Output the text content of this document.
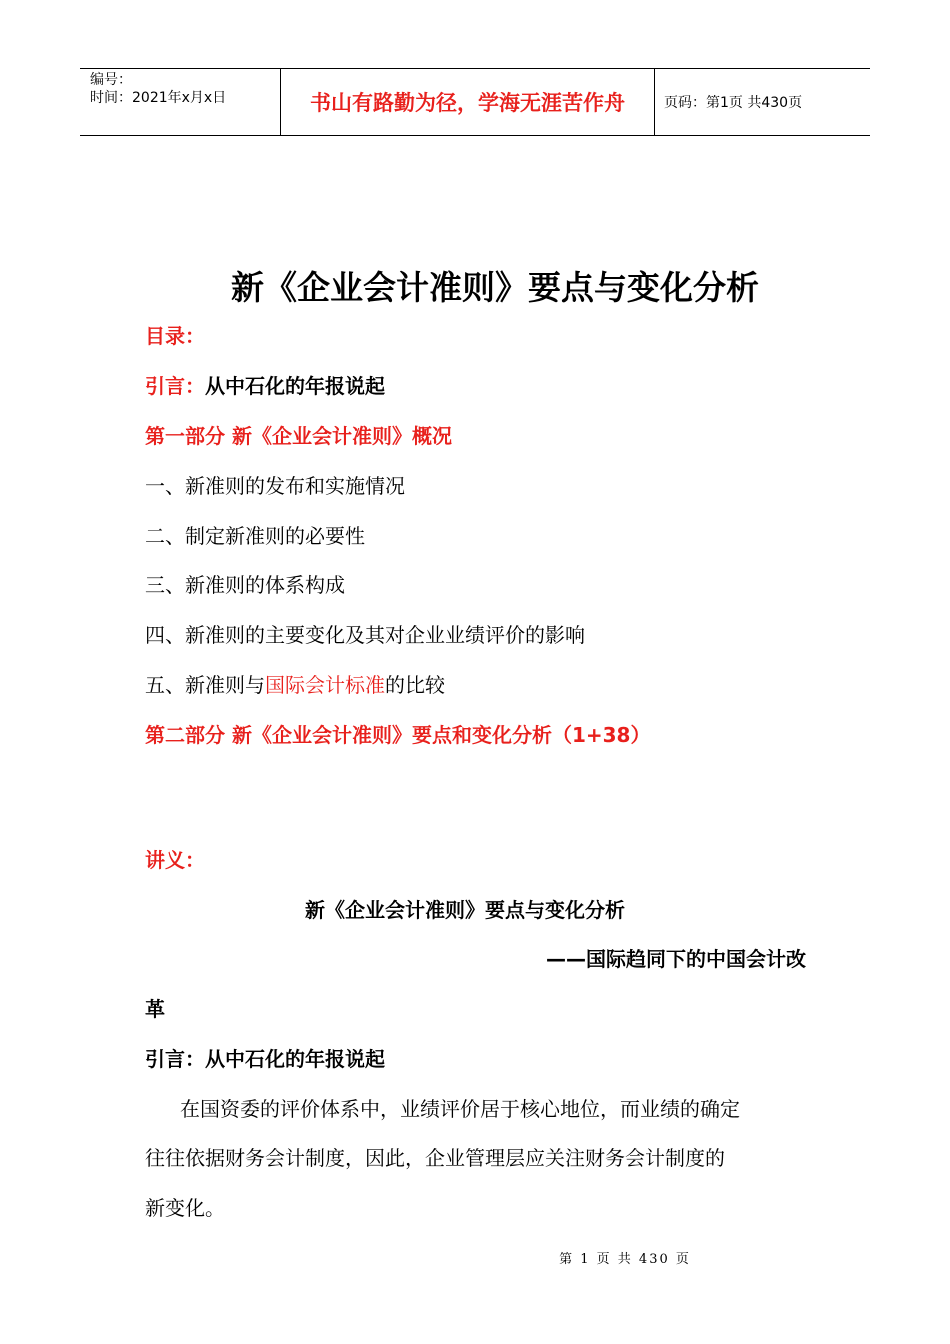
编号：
时间：2021年x月x日	书山有路勤为径，学海无涯苦作舟	页码：第1页 共430页
新《企业会计准则》要点与变化分析
目录：
引言：从中石化的年报说起
第一部分 新《企业会计准则》概况
一、新准则的发布和实施情况
二、制定新准则的必要性
三、新准则的体系构成
四、新准则的主要变化及其对企业业绩评价的影响
五、新准则与国际会计标准的比较
第二部分 新《企业会计准则》要点和变化分析（1+38）
讲义：
新《企业会计准则》要点与变化分析
——国际趋同下的中国会计改
革
引言：从中石化的年报说起
在国资委的评价体系中，业绩评价居于核心地位，而业绩的确定
往往依据财务会计制度，因此，企业管理层应关注财务会计制度的
新变化。
第 1 页 共 430 页
